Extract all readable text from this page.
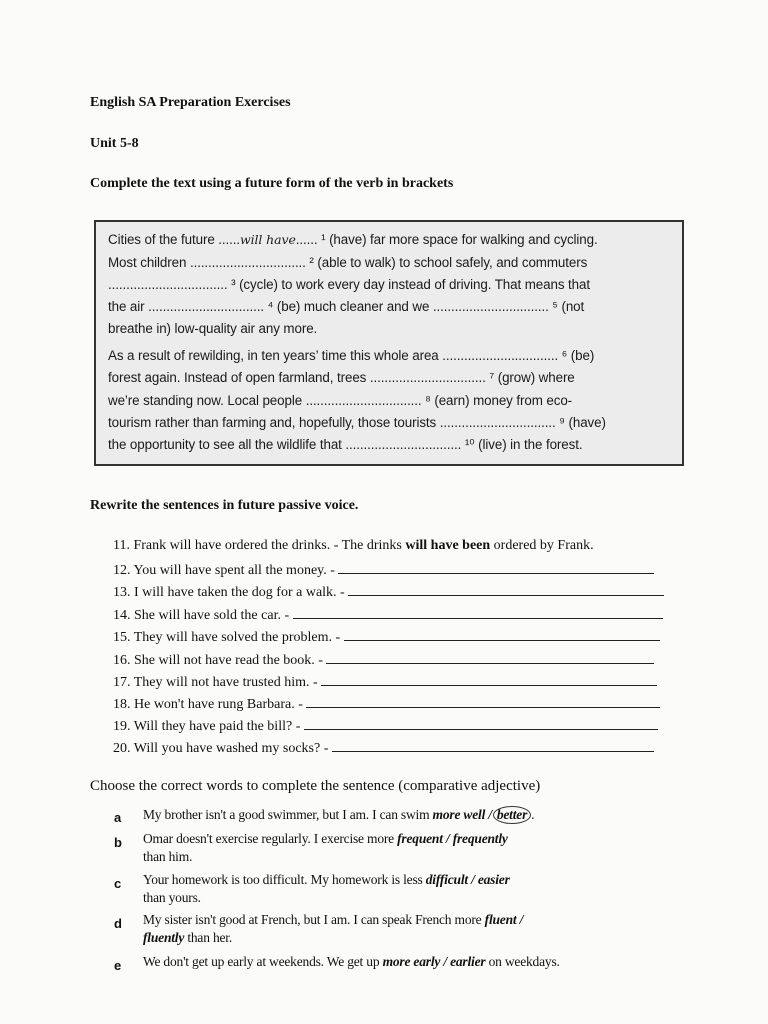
English SA Preparation Exercises
Unit 5-8
Complete the text using a future form of the verb in brackets
Cities of the future ......will have...... ¹ (have) far more space for walking and cycling.
Most children ................................ ² (able to walk) to school safely, and commuters
................................. ³ (cycle) to work every day instead of driving. That means that
the air ................................ ⁴ (be) much cleaner and we ................................ ⁵ (not
breathe in) low-quality air any more.
As a result of rewilding, in ten years’ time this whole area ................................ ⁶ (be)
forest again. Instead of open farmland, trees ................................ ⁷ (grow) where
we’re standing now. Local people ................................ ⁸ (earn) money from eco-
tourism rather than farming and, hopefully, those tourists ................................ ⁹ (have)
the opportunity to see all the wildlife that ................................ ¹⁰ (live) in the forest.
Rewrite the sentences in future passive voice.
11. Frank will have ordered the drinks. - The drinks will have been ordered by Frank.
12. You will have spent all the money. -
13. I will have taken the dog for a walk. -
14. She will have sold the car. -
15. They will have solved the problem. -
16. She will not have read the book. -
17. They will not have trusted him. -
18. He won't have rung Barbara. -
19. Will they have paid the bill? -
20. Will you have washed my socks? -
Choose the correct words to complete the sentence (comparative adjective)
a My brother isn't a good swimmer, but I am. I can swim more well / better .
b Omar doesn't exercise regularly. I exercise more frequent / frequently
than him.
c Your homework is too difficult. My homework is less difficult / easier
than yours.
d My sister isn't good at French, but I am. I can speak French more fluent /
fluently than her.
e We don't get up early at weekends. We get up more early / earlier on weekdays.
